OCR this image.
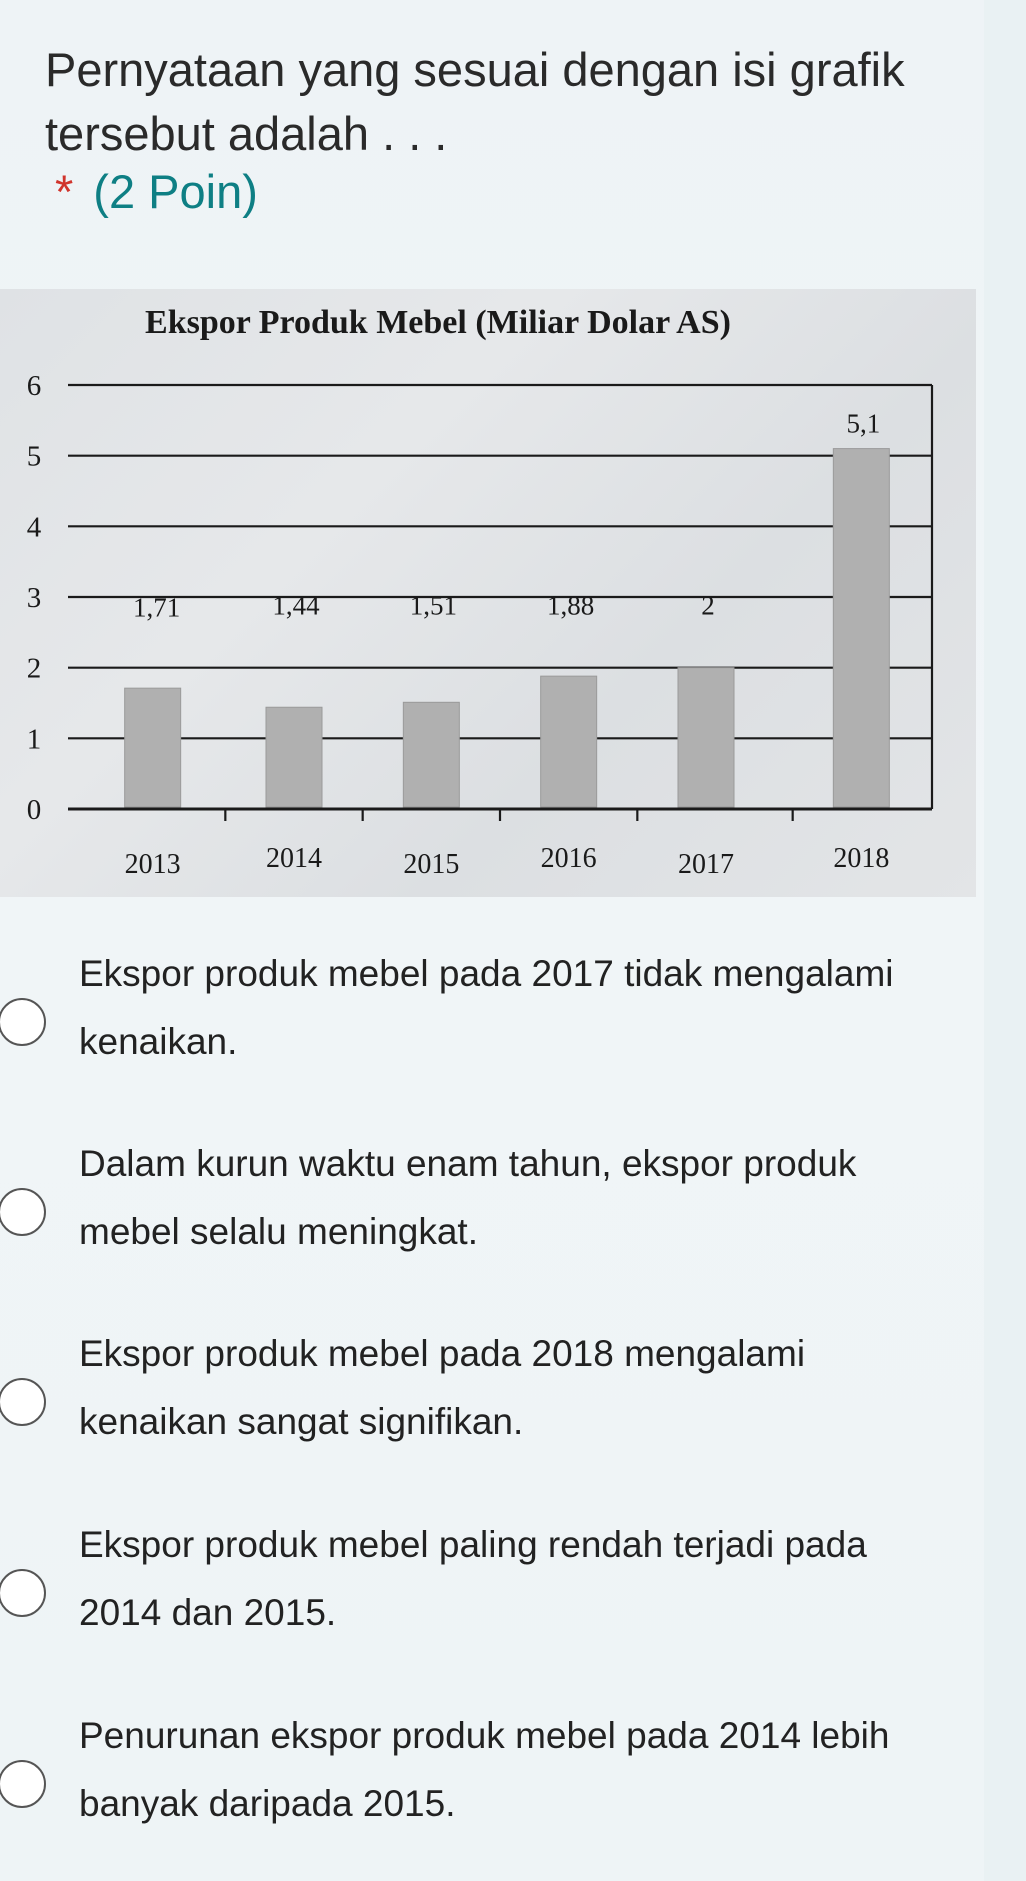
Pernyataan yang sesuai dengan isi grafik tersebut adalah . . .
* (2 Poin)
Ekspor Produk Mebel (Miliar Dolar AS)
0
1
2
3
4
5
6
1,71
2013
1,44
2014
1,51
2015
1,88
2016
2
2017
5,1
2018
Ekspor produk mebel pada 2017 tidak mengalami kenaikan.
Dalam kurun waktu enam tahun, ekspor produk mebel selalu meningkat.
Ekspor produk mebel pada 2018 mengalami kenaikan sangat signifikan.
Ekspor produk mebel paling rendah terjadi pada 2014 dan 2015.
Penurunan ekspor produk mebel pada 2014 lebih banyak daripada 2015.
